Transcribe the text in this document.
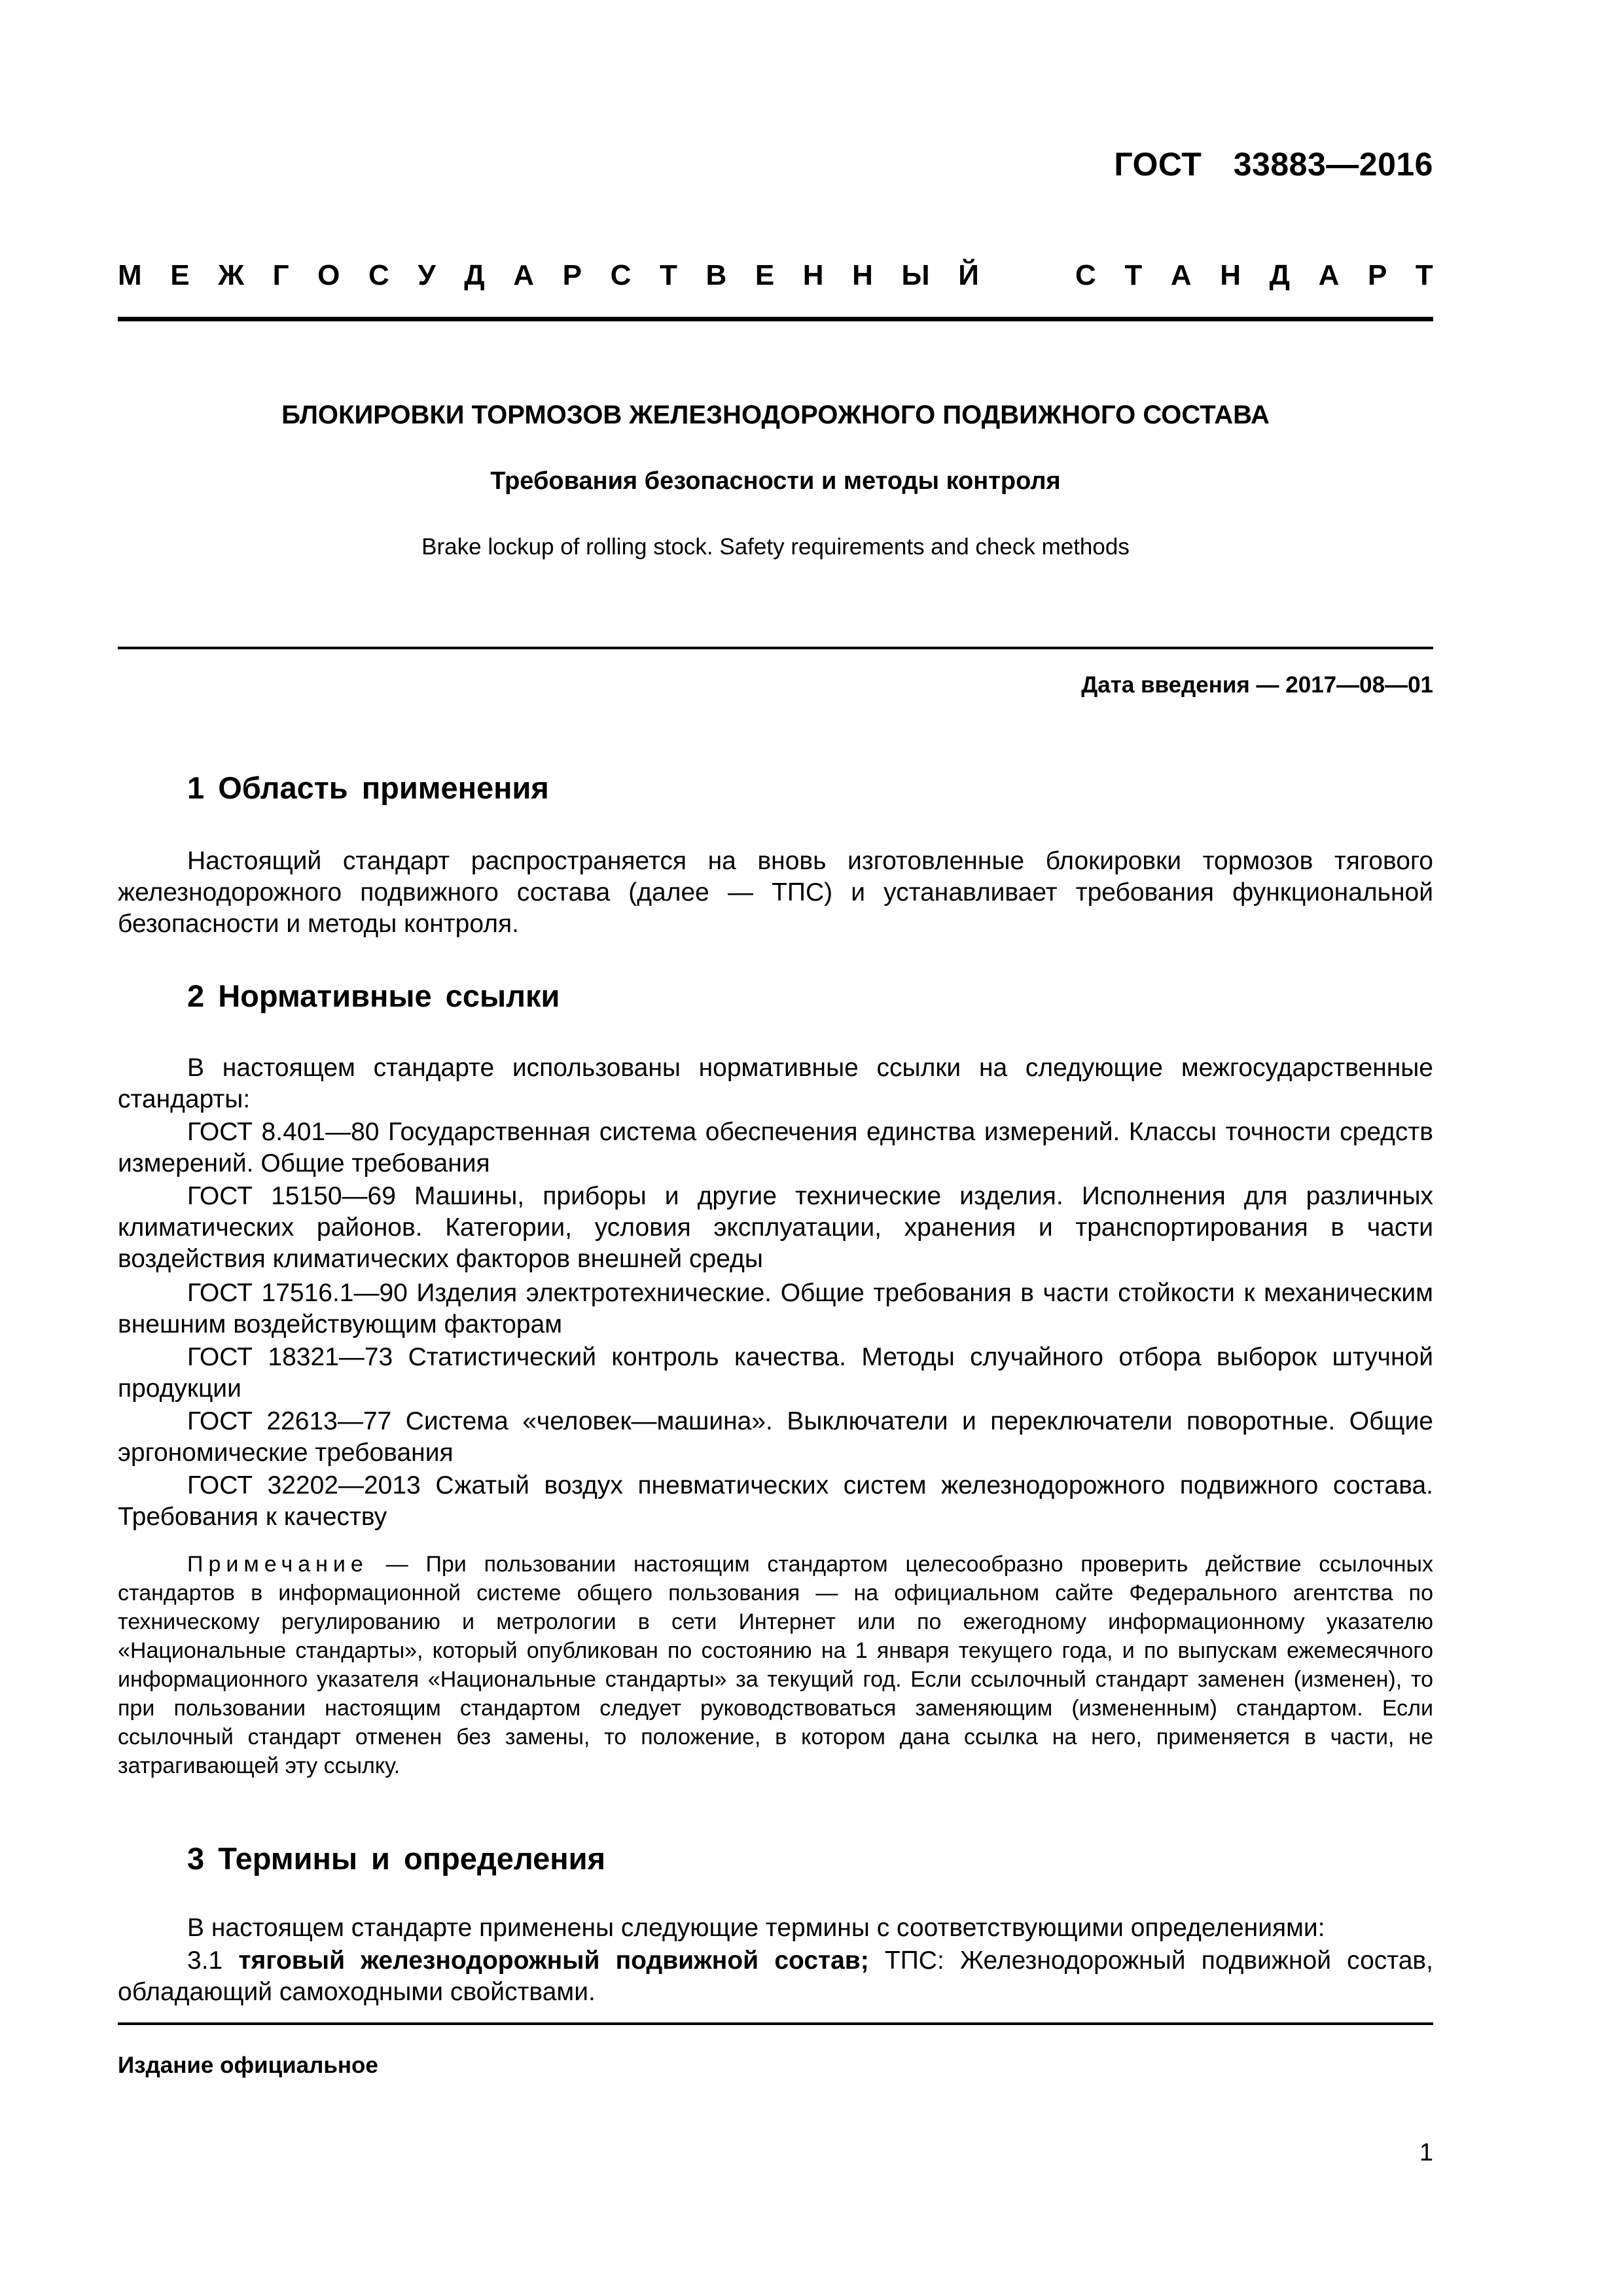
ГОСТ 33883—2016
М Е Ж Г О С У Д А Р С Т В Е Н Н Ы Й	С Т А Н Д А Р Т
БЛОКИРОВКИ ТОРМОЗОВ ЖЕЛЕЗНОДОРОЖНОГО ПОДВИЖНОГО СОСТАВА
Требования безопасности и методы контроля
Brake lockup of rolling stock. Safety requirements and check methods
Дата введения — 2017—08—01
1 Область применения

Настоящий стандарт распространяется на вновь изготовленные блокировки тормозов тягового железнодорожного подвижного состава (далее — ТПС) и устанавливает требования функциональной безопасности и методы контроля.

2 Нормативные ссылки

В настоящем стандарте использованы нормативные ссылки на следующие межгосударственные стандарты:

ГОСТ 8.401—80 Государственная система обеспечения единства измерений. Классы точности средств измерений. Общие требования

ГОСТ 15150—69 Машины, приборы и другие технические изделия. Исполнения для различных климатических районов. Категории, условия эксплуатации, хранения и транспортирования в части воздействия климатических факторов внешней среды

ГОСТ 17516.1—90 Изделия электротехнические. Общие требования в части стойкости к механическим внешним воздействующим факторам

ГОСТ 18321—73 Статистический контроль качества. Методы случайного отбора выборок штучной продукции

ГОСТ 22613—77 Система «человек—машина». Выключатели и переключатели поворотные. Общие эргономические требования

ГОСТ 32202—2013 Сжатый воздух пневматических систем железнодорожного подвижного состава. Требования к качеству

Примечание — При пользовании настоящим стандартом целесообразно проверить действие ссылочных стандартов в информационной системе общего пользования — на официальном сайте Федерального агентства по техническому регулированию и метрологии в сети Интернет или по ежегодному информационному указателю «Национальные стандарты», который опубликован по состоянию на 1 января текущего года, и по выпускам ежемесячного информационного указателя «Национальные стандарты» за текущий год. Если ссылочный стандарт заменен (изменен), то при пользовании настоящим стандартом следует руководствоваться заменяющим (измененным) стандартом. Если ссылочный стандарт отменен без замены, то положение, в котором дана ссылка на него, применяется в части, не затрагивающей эту ссылку.

3 Термины и определения

В настоящем стандарте применены следующие термины с соответствующими определениями:

3.1 тяговый железнодорожный подвижной состав; ТПС: Железнодорожный подвижной состав, обладающий самоходными свойствами.

Издание официальное
1
